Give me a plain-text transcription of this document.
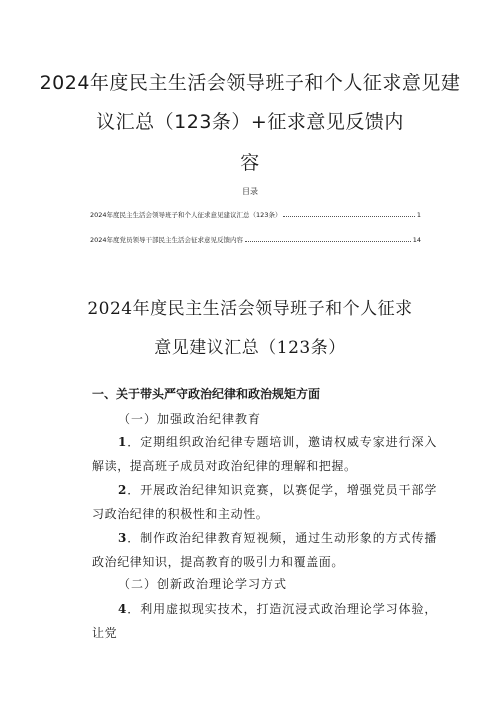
2024年度民主生活会领导班子和个人征求意见建
议汇总（123条）+征求意见反馈内
容
目录
2024年度民主生活会领导班子和个人征求意见建议汇总（123条）	1
2024年度党员领导干部民主生活会征求意见反馈内容	14
2024年度民主生活会领导班子和个人征求
意见建议汇总（123条）
一、关于带头严守政治纪律和政治规矩方面
（一）加强政治纪律教育
1．定期组织政治纪律专题培训，邀请权威专家进行深入解读，提高班子成员对政治纪律的理解和把握。
2．开展政治纪律知识竞赛，以赛促学，增强党员干部学习政治纪律的积极性和主动性。
3．制作政治纪律教育短视频，通过生动形象的方式传播政治纪律知识，提高教育的吸引力和覆盖面。
（二）创新政治理论学习方式
4．利用虚拟现实技术，打造沉浸式政治理论学习体验，让党
